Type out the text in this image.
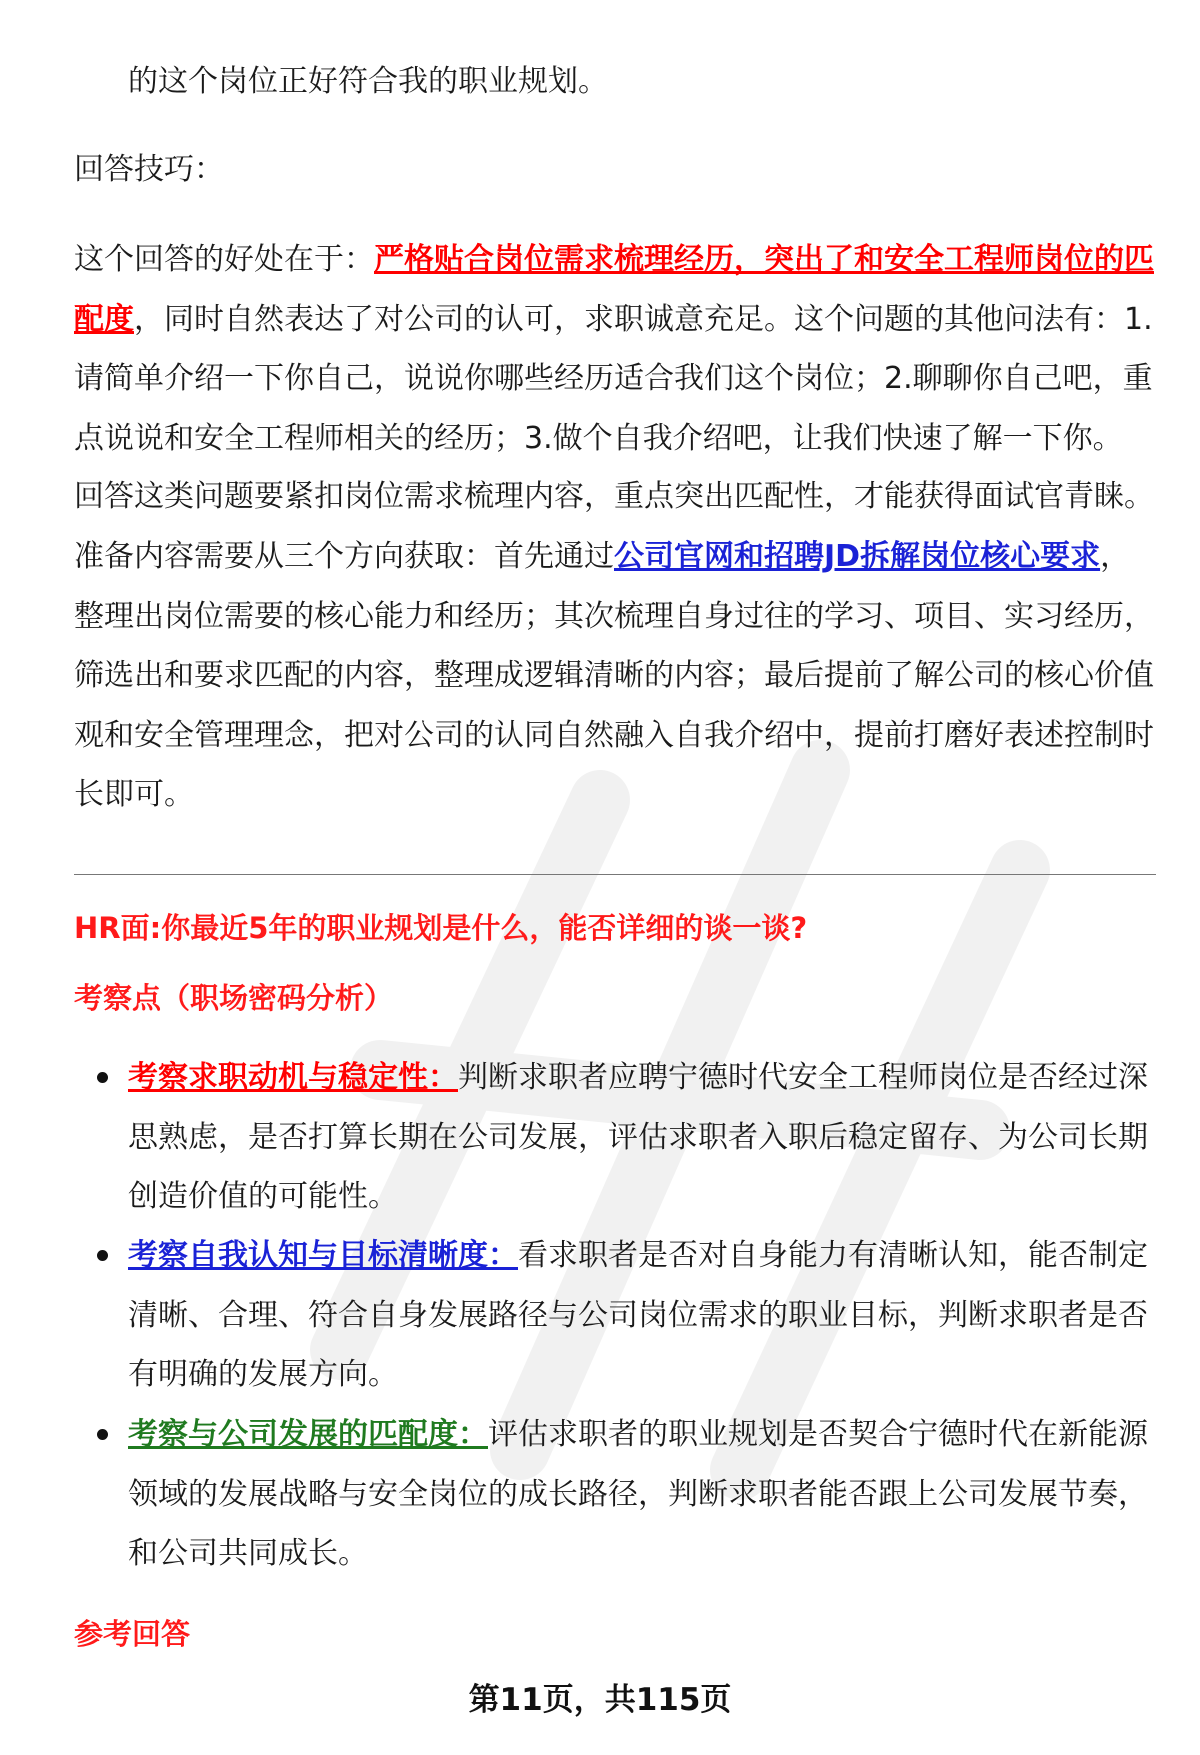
的这个岗位正好符合我的职业规划。

回答技巧：

这个回答的好处在于：严格贴合岗位需求梳理经历，突出了和安全工程师岗位的匹配度，同时自然表达了对公司的认可，求职诚意充足。这个问题的其他问法有：1.请简单介绍一下你自己，说说你哪些经历适合我们这个岗位；2.聊聊你自己吧，重点说说和安全工程师相关的经历；3.做个自我介绍吧，让我们快速了解一下你。

回答这类问题要紧扣岗位需求梳理内容，重点突出匹配性，才能获得面试官青睐。

准备内容需要从三个方向获取：首先通过公司官网和招聘JD拆解岗位核心要求，整理出岗位需要的核心能力和经历；其次梳理自身过往的学习、项目、实习经历，筛选出和要求匹配的内容，整理成逻辑清晰的内容；最后提前了解公司的核心价值观和安全管理理念，把对公司的认同自然融入自我介绍中，提前打磨好表述控制时长即可。

HR面:你最近5年的职业规划是什么，能否详细的谈一谈?
考察点（职场密码分析）

考察求职动机与稳定性：判断求职者应聘宁德时代安全工程师岗位是否经过深思熟虑，是否打算长期在公司发展，评估求职者入职后稳定留存、为公司长期创造价值的可能性。

考察自我认知与目标清晰度：看求职者是否对自身能力有清晰认知，能否制定清晰、合理、符合自身发展路径与公司岗位需求的职业目标，判断求职者是否有明确的发展方向。

考察与公司发展的匹配度：评估求职者的职业规划是否契合宁德时代在新能源领域的发展战略与安全岗位的成长路径，判断求职者能否跟上公司发展节奏，和公司共同成长。

参考回答
第11页，共115页
